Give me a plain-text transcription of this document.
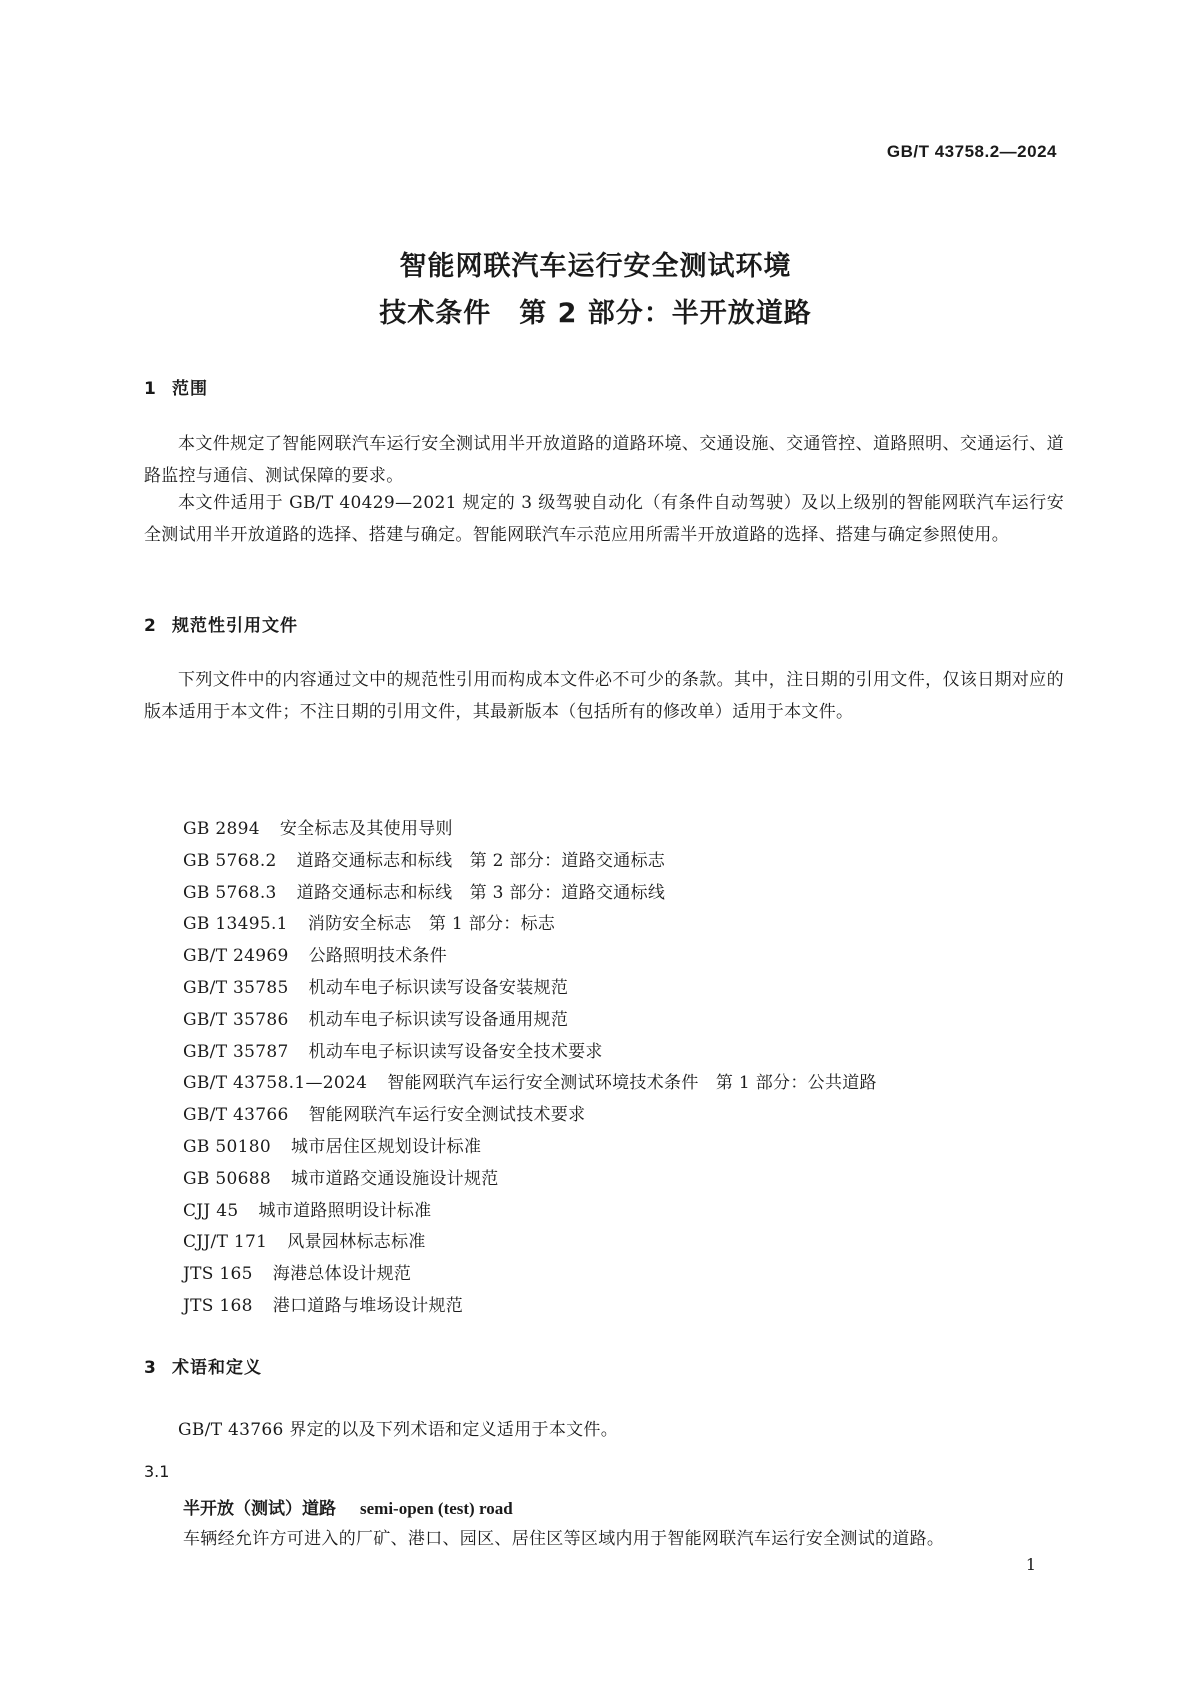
GB/T 43758.2—2024
智能网联汽车运行安全测试环境
技术条件　第 2 部分：半开放道路
1 范围
本文件规定了智能网联汽车运行安全测试用半开放道路的道路环境、交通设施、交通管控、道路照明、交通运行、道路监控与通信、测试保障的要求。
本文件适用于 GB/T 40429—2021 规定的 3 级驾驶自动化（有条件自动驾驶）及以上级别的智能网联汽车运行安全测试用半开放道路的选择、搭建与确定。智能网联汽车示范应用所需半开放道路的选择、搭建与确定参照使用。
2 规范性引用文件
下列文件中的内容通过文中的规范性引用而构成本文件必不可少的条款。其中，注日期的引用文件，仅该日期对应的版本适用于本文件；不注日期的引用文件，其最新版本（包括所有的修改单）适用于本文件。
GB 2894 安全标志及其使用导则
GB 5768.2 道路交通标志和标线　第 2 部分：道路交通标志
GB 5768.3 道路交通标志和标线　第 3 部分：道路交通标线
GB 13495.1 消防安全标志　第 1 部分：标志
GB/T 24969 公路照明技术条件
GB/T 35785 机动车电子标识读写设备安装规范
GB/T 35786 机动车电子标识读写设备通用规范
GB/T 35787 机动车电子标识读写设备安全技术要求
GB/T 43758.1—2024 智能网联汽车运行安全测试环境技术条件　第 1 部分：公共道路
GB/T 43766 智能网联汽车运行安全测试技术要求
GB 50180 城市居住区规划设计标准
GB 50688 城市道路交通设施设计规范
CJJ 45 城市道路照明设计标准
CJJ/T 171 风景园林标志标准
JTS 165 海港总体设计规范
JTS 168 港口道路与堆场设计规范
3 术语和定义
GB/T 43766 界定的以及下列术语和定义适用于本文件。
3.1
半开放（测试）道路 semi-open (test) road
车辆经允许方可进入的厂矿、港口、园区、居住区等区域内用于智能网联汽车运行安全测试的道路。
1
